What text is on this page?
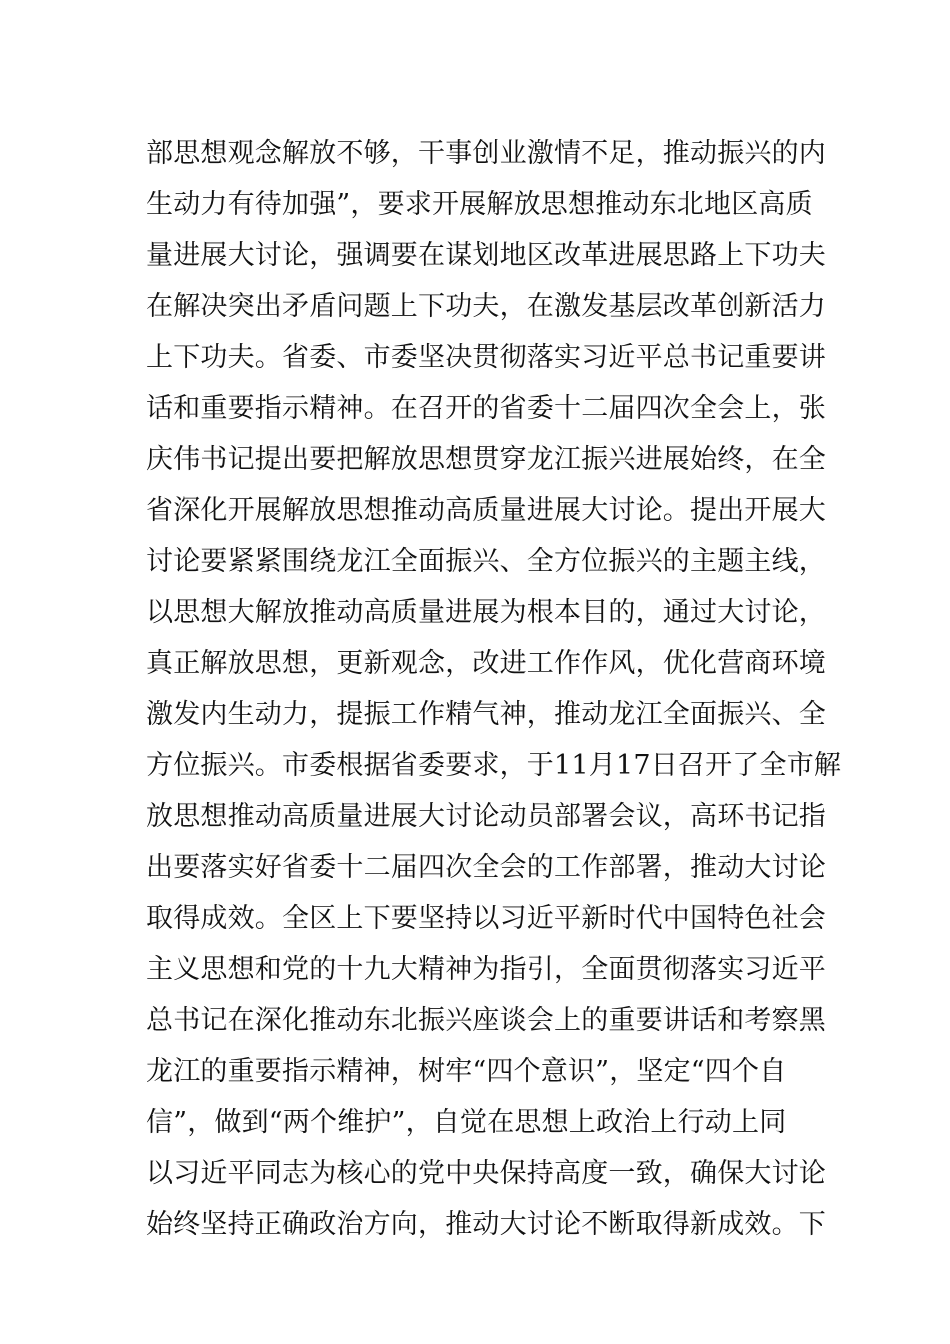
部思想观念解放不够，干事创业激情不足，推动振兴的内
生动力有待加强”，要求开展解放思想推动东北地区高质
量进展大讨论，强调要在谋划地区改革进展思路上下功夫
在解决突出矛盾问题上下功夫，在激发基层改革创新活力
上下功夫。省委、市委坚决贯彻落实习近平总书记重要讲
话和重要指示精神。在召开的省委十二届四次全会上，张
庆伟书记提出要把解放思想贯穿龙江振兴进展始终，在全
省深化开展解放思想推动高质量进展大讨论。提出开展大
讨论要紧紧围绕龙江全面振兴、全方位振兴的主题主线，
以思想大解放推动高质量进展为根本目的，通过大讨论，
真正解放思想，更新观念，改进工作作风，优化营商环境
激发内生动力，提振工作精气神，推动龙江全面振兴、全
方位振兴。市委根据省委要求，于11月17日召开了全市解
放思想推动高质量进展大讨论动员部署会议，高环书记指
出要落实好省委十二届四次全会的工作部署，推动大讨论
取得成效。全区上下要坚持以习近平新时代中国特色社会
主义思想和党的十九大精神为指引，全面贯彻落实习近平
总书记在深化推动东北振兴座谈会上的重要讲话和考察黑
龙江的重要指示精神，树牢“四个意识”，坚定“四个自
信”，做到“两个维护”，自觉在思想上政治上行动上同
以习近平同志为核心的党中央保持高度一致，确保大讨论
始终坚持正确政治方向，推动大讨论不断取得新成效。下
